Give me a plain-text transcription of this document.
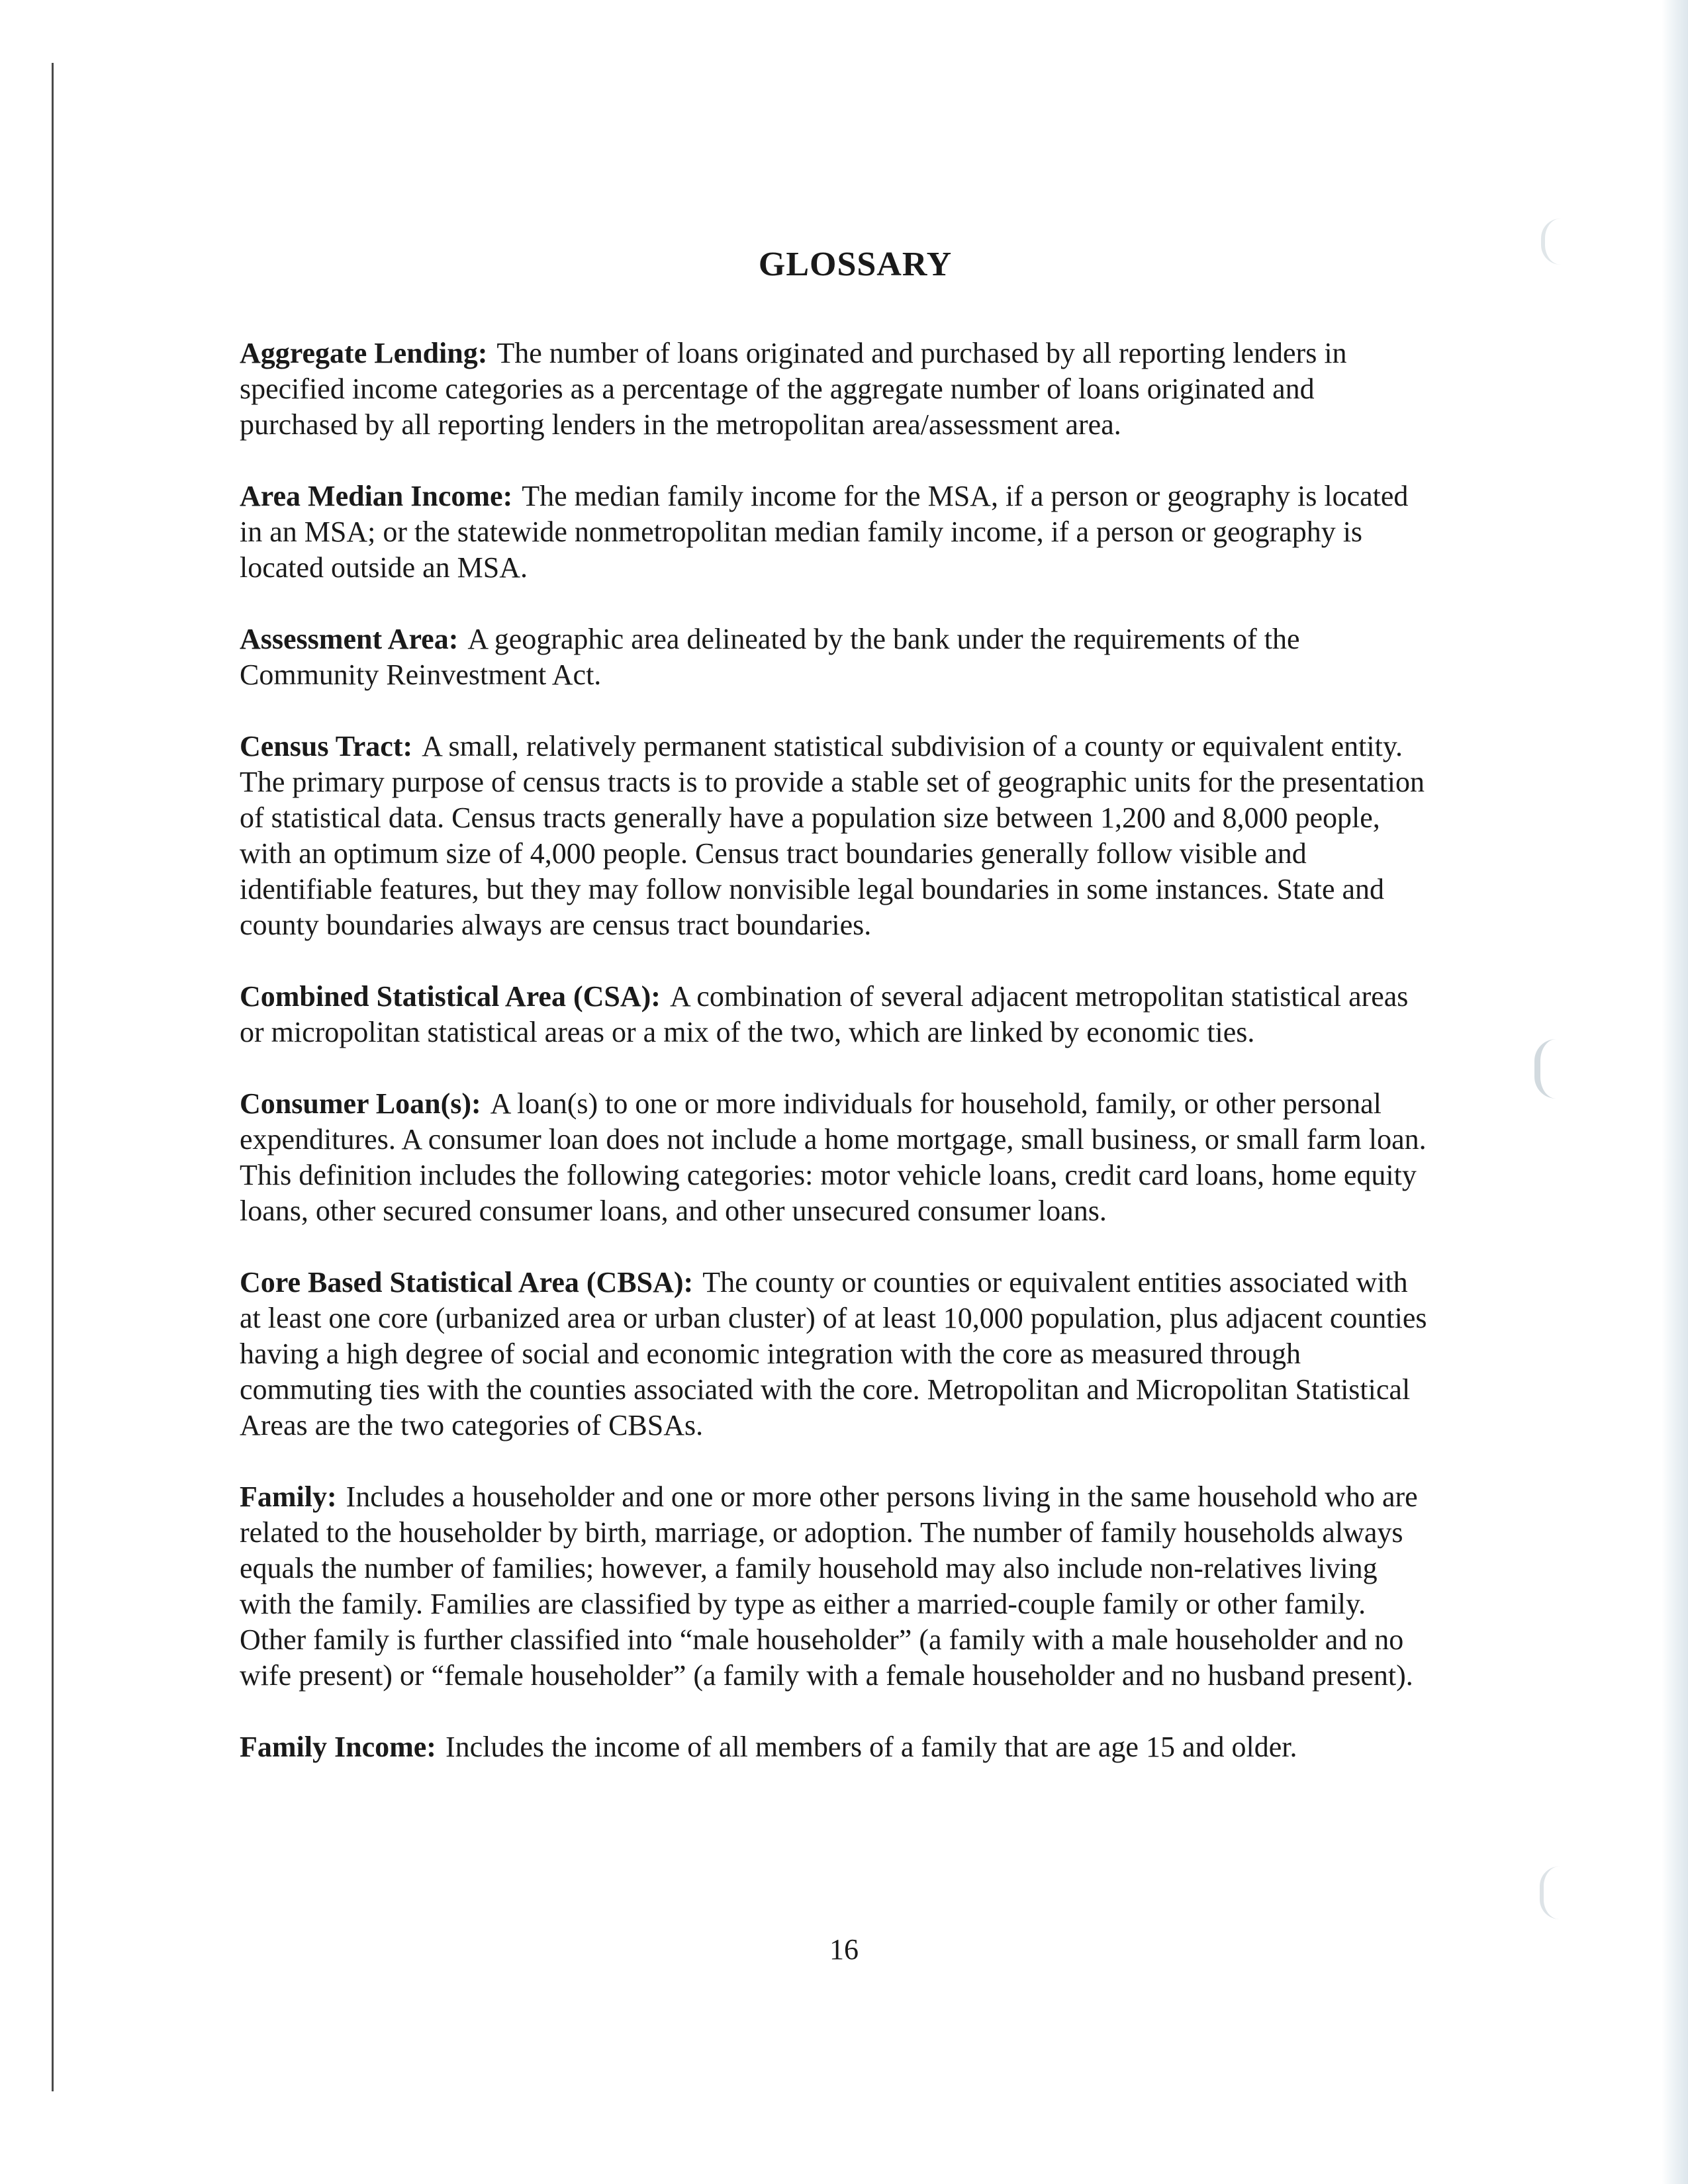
GLOSSARY

Aggregate Lending: The number of loans originated and purchased by all reporting lenders in specified income categories as a percentage of the aggregate number of loans originated and purchased by all reporting lenders in the metropolitan area/assessment area.

Area Median Income: The median family income for the MSA, if a person or geography is located in an MSA; or the statewide nonmetropolitan median family income, if a person or geography is located outside an MSA.

Assessment Area: A geographic area delineated by the bank under the requirements of the Community Reinvestment Act.

Census Tract: A small, relatively permanent statistical subdivision of a county or equivalent entity. The primary purpose of census tracts is to provide a stable set of geographic units for the presentation of statistical data. Census tracts generally have a population size between 1,200 and 8,000 people, with an optimum size of 4,000 people. Census tract boundaries generally follow visible and identifiable features, but they may follow nonvisible legal boundaries in some instances. State and county boundaries always are census tract boundaries.

Combined Statistical Area (CSA): A combination of several adjacent metropolitan statistical areas or micropolitan statistical areas or a mix of the two, which are linked by economic ties.

Consumer Loan(s): A loan(s) to one or more individuals for household, family, or other personal expenditures. A consumer loan does not include a home mortgage, small business, or small farm loan. This definition includes the following categories: motor vehicle loans, credit card loans, home equity loans, other secured consumer loans, and other unsecured consumer loans.

Core Based Statistical Area (CBSA): The county or counties or equivalent entities associated with at least one core (urbanized area or urban cluster) of at least 10,000 population, plus adjacent counties having a high degree of social and economic integration with the core as measured through commuting ties with the counties associated with the core. Metropolitan and Micropolitan Statistical Areas are the two categories of CBSAs.

Family: Includes a householder and one or more other persons living in the same household who are related to the householder by birth, marriage, or adoption. The number of family households always equals the number of families; however, a family household may also include non-relatives living with the family. Families are classified by type as either a married-couple family or other family. Other family is further classified into “male householder” (a family with a male householder and no wife present) or “female householder” (a family with a female householder and no husband present).

Family Income: Includes the income of all members of a family that are age 15 and older.

16
